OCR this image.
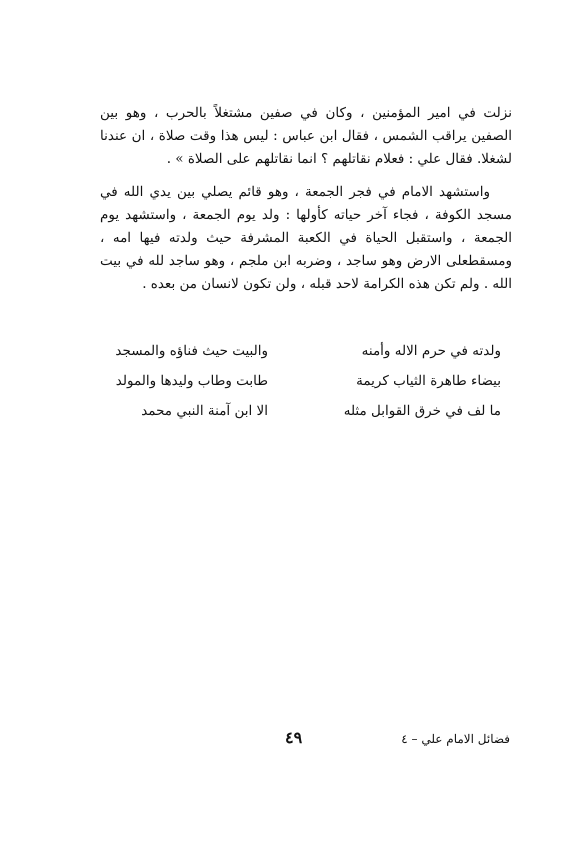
نزلت في امير المؤمنين ، وكان في صفين مشتغلاً بالحرب ، وهو بين الصفين يراقب الشمس ، فقال ابن عباس : ليس هذا وقت صلاة ، ان عندنا لشغلا. فقال علي : فعلام نقاتلهم ؟ انما نقاتلهم على الصلاة » .

واستشهد الامام في فجر الجمعة ، وهو قائم يصلي بين يدي الله في مسجد الكوفة ، فجاء آخر حياته كأولها : ولد يوم الجمعة ، واستشهد يوم الجمعة ، واستقبل الحياة في الكعبة المشرفة حيث ولدته فيها امه ، ومسقطعلى الارض وهو ساجد ، وضربه ابن ملجم ، وهو ساجد لله في بيت الله . ولم تكن هذه الكرامة لاحد قبله ، ولن تكون لانسان من بعده .

ولدته في حرم الاله وأمنه
والبيت حيث فناؤه والمسجد
بيضاء طاهرة الثياب كريمة
طابت وطاب وليدها والمولد
ما لف في خرق القوابل مثله
الا ابن آمنة النبي محمد
٤٩	فضائل الامام علي – ٤
